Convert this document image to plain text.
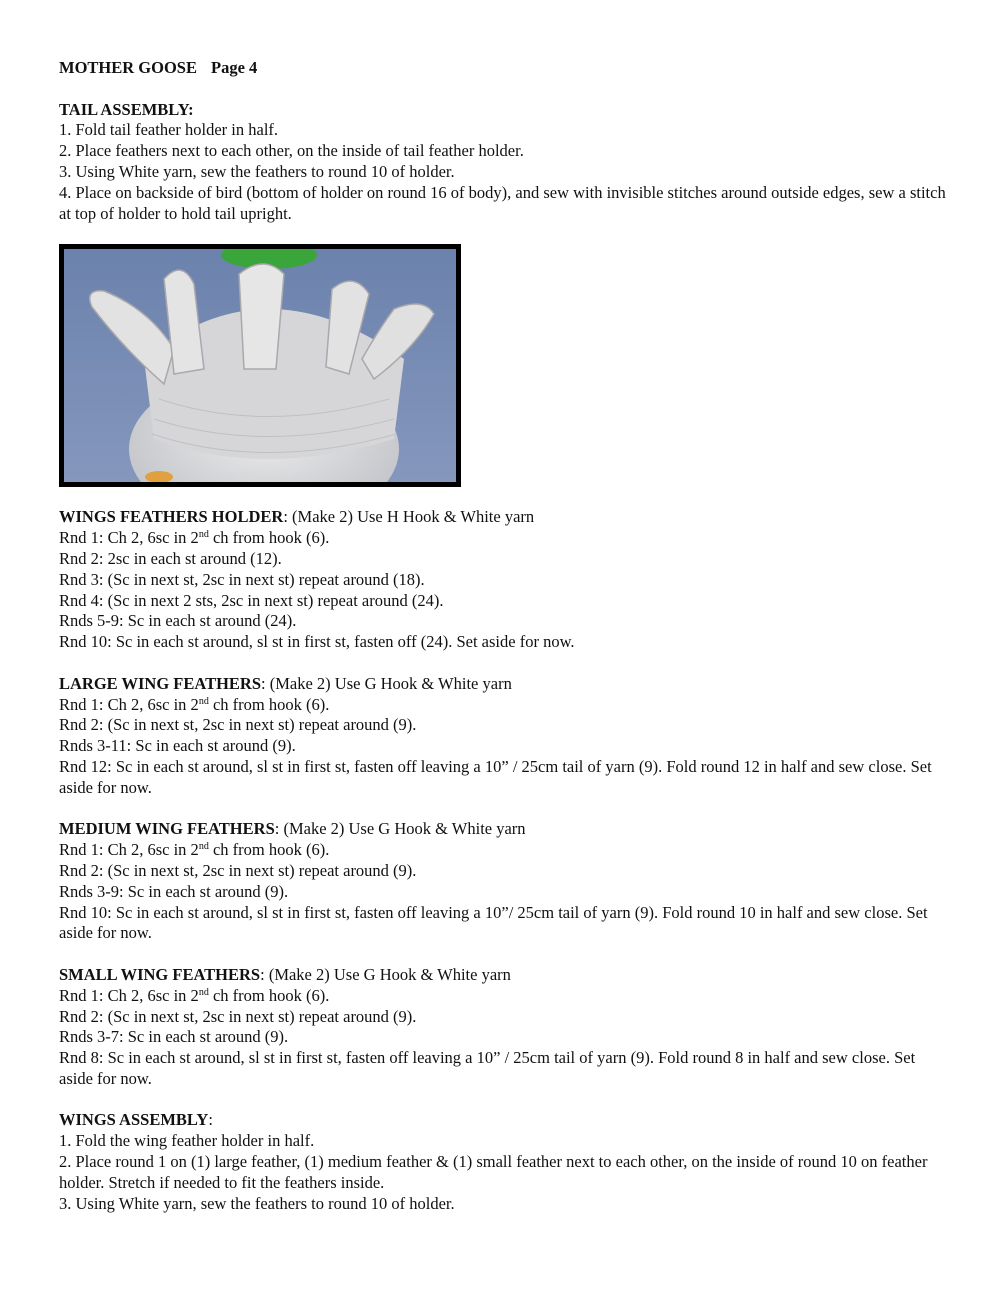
MOTHER GOOSE Page 4

TAIL ASSEMBLY:

1. Fold tail feather holder in half.

2. Place feathers next to each other, on the inside of tail feather holder.

3. Using White yarn, sew the feathers to round 10 of holder.

4. Place on backside of bird (bottom of holder on round 16 of body), and sew with invisible stitches around outside edges, sew a stitch at top of holder to hold tail upright.

WINGS FEATHERS HOLDER: (Make 2) Use H Hook & White yarn

Rnd 1: Ch 2, 6sc in 2nd ch from hook (6).

Rnd 2: 2sc in each st around (12).

Rnd 3: (Sc in next st, 2sc in next st) repeat around (18).

Rnd 4: (Sc in next 2 sts, 2sc in next st) repeat around (24).

Rnds 5-9: Sc in each st around (24).

Rnd 10: Sc in each st around, sl st in first st, fasten off (24). Set aside for now.

LARGE WING FEATHERS: (Make 2) Use G Hook & White yarn

Rnd 1: Ch 2, 6sc in 2nd ch from hook (6).

Rnd 2: (Sc in next st, 2sc in next st) repeat around (9).

Rnds 3-11: Sc in each st around (9).

Rnd 12: Sc in each st around, sl st in first st, fasten off leaving a 10” / 25cm tail of yarn (9). Fold round 12 in half and sew close. Set aside for now.

MEDIUM WING FEATHERS: (Make 2) Use G Hook & White yarn

Rnd 1: Ch 2, 6sc in 2nd ch from hook (6).

Rnd 2: (Sc in next st, 2sc in next st) repeat around (9).

Rnds 3-9: Sc in each st around (9).

Rnd 10: Sc in each st around, sl st in first st, fasten off leaving a 10”/ 25cm tail of yarn (9). Fold round 10 in half and sew close. Set aside for now.

SMALL WING FEATHERS: (Make 2) Use G Hook & White yarn

Rnd 1: Ch 2, 6sc in 2nd ch from hook (6).

Rnd 2: (Sc in next st, 2sc in next st) repeat around (9).

Rnds 3-7: Sc in each st around (9).

Rnd 8: Sc in each st around, sl st in first st, fasten off leaving a 10” / 25cm tail of yarn (9). Fold round 8 in half and sew close. Set aside for now.

WINGS ASSEMBLY:

1. Fold the wing feather holder in half.

2. Place round 1 on (1) large feather, (1) medium feather & (1) small feather next to each other, on the inside of round 10 on feather holder. Stretch if needed to fit the feathers inside.

3. Using White yarn, sew the feathers to round 10 of holder.
